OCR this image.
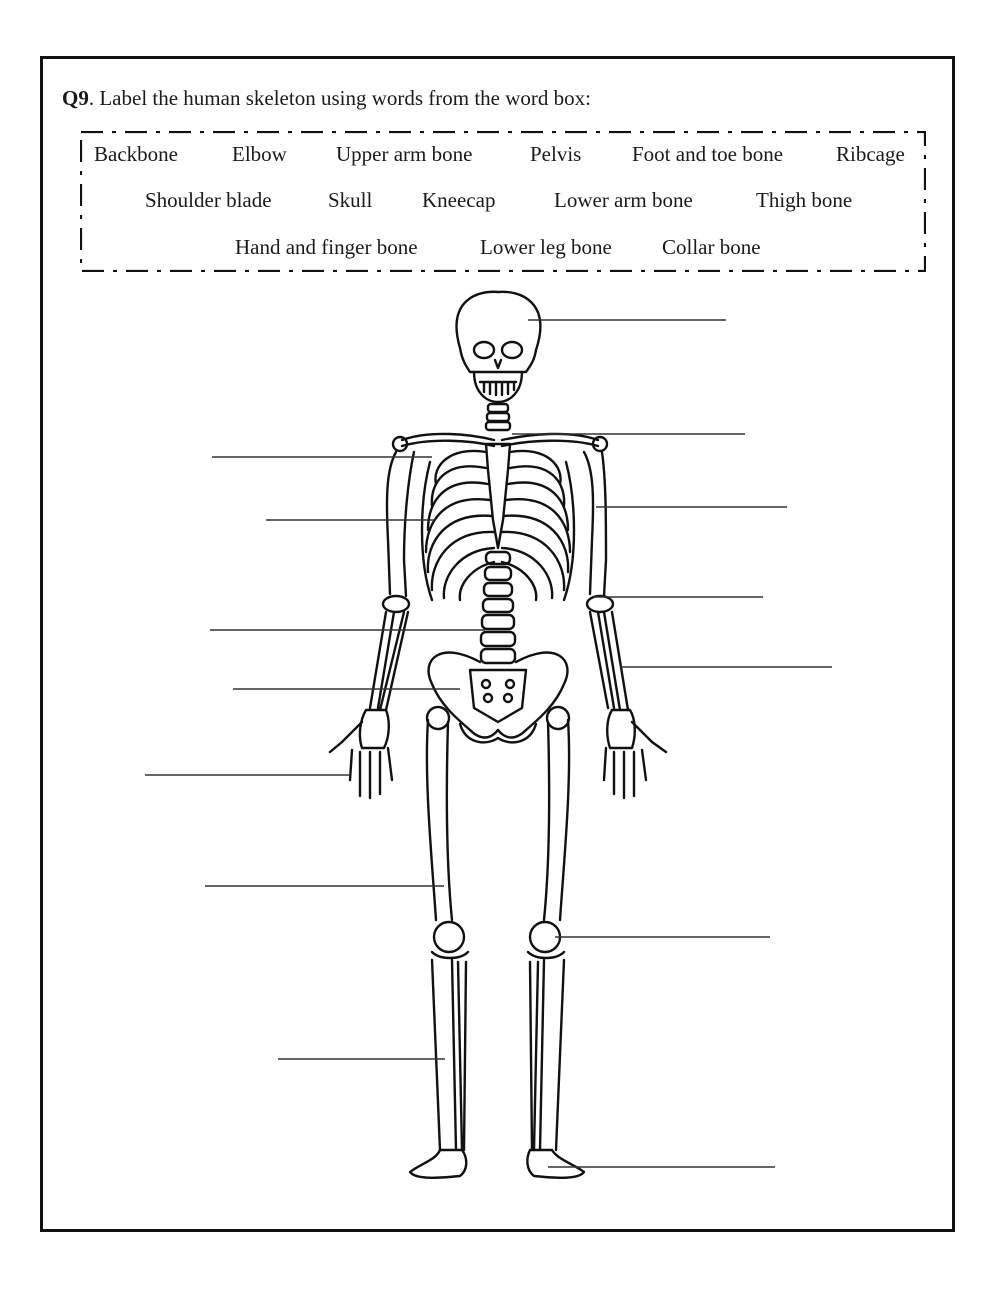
Q9. Label the human skeleton using words from the word box:
Backbone	Elbow Upper arm bone	Pelvis Foot and toe bone	Ribcage
Shoulder blade	Skull Kneecap	Lower arm bone	Thigh bone
Hand and finger bone	Lower leg bone Collar bone
